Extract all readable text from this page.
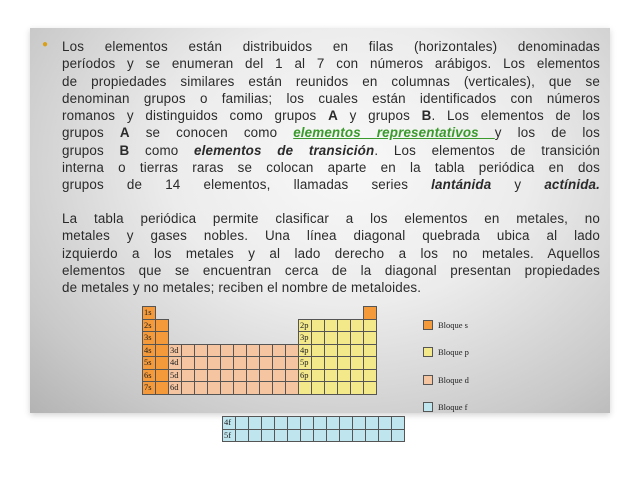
● Los elementos están distribuidos en filas (horizontales) denominadas
períodos y se enumeran del 1 al 7 con números arábigos. Los elementos
de propiedades similares están reunidos en columnas (verticales), que se
denominan grupos o familias; los cuales están identificados con números
romanos y distinguidos como grupos A y grupos B. Los elementos de los
grupos A se conocen como elementos representativos y los de los
grupos B como elementos de transición. Los elementos de transición
interna o tierras raras se colocan aparte en la tabla periódica en dos
grupos de 14 elementos, llamadas series lantánida y actínida.
La tabla periódica permite clasificar a los elementos en metales, no
metales y gases nobles. Una línea diagonal quebrada ubica al lado
izquierdo a los metales y al lado derecho a los no metales. Aquellos
elementos que se encuentran cerca de la diagonal presentan propiedades
de metales y no metales; reciben el nombre de metaloides.
1s
2s
3s
4s
5s
6s
7s
3d
4d
5d
6d
2p
3p
4p
5p
6p
4f
5f
Bloque s
Bloque p
Bloque d
Bloque f
